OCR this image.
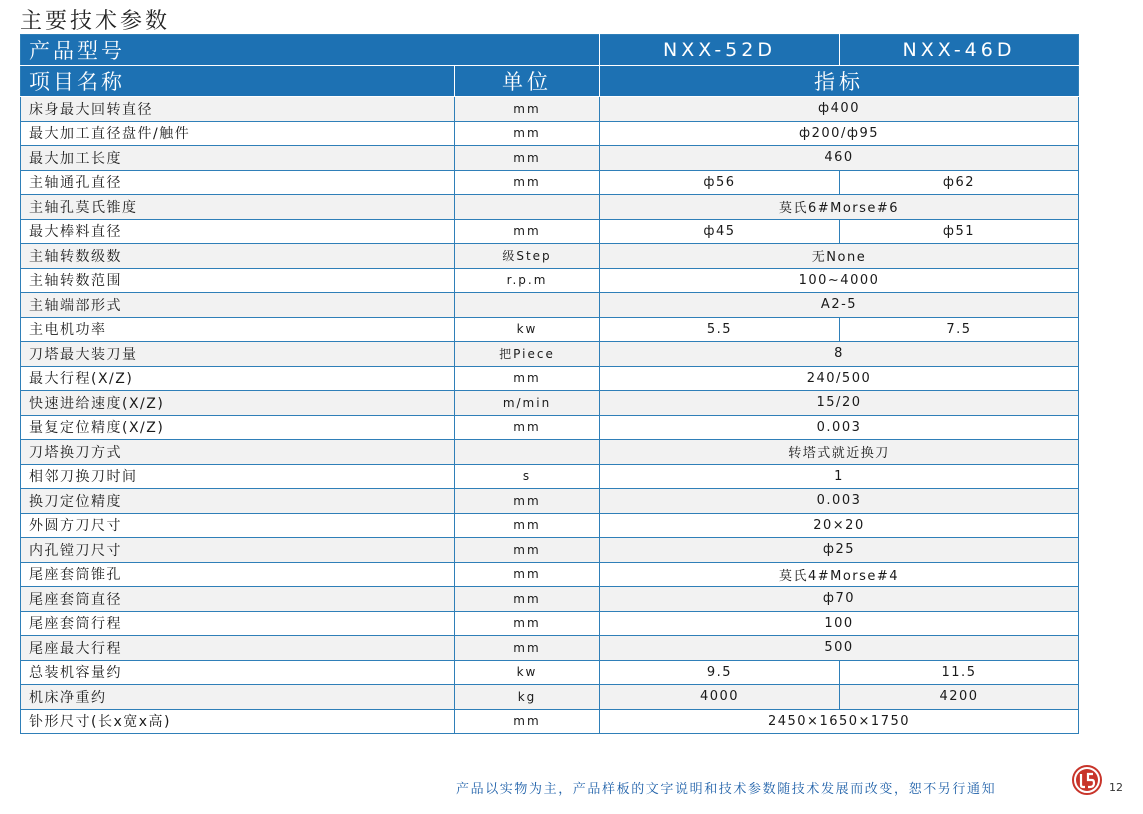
主要技术参数
产品型号		NXX-52D	NXX-46D
项目名称	单位	指标	
床身最大回转直径	mm	ф400	
最大加工直径盘件/触件	mm	ф200/ф95	
最大加工长度	mm	460	
主轴通孔直径	mm	ф56	ф62
主轴孔莫氏锥度		莫氏6#Morse#6	
最大棒料直径	mm	ф45	ф51
主轴转数级数	级Step	无None	
主轴转数范围	r.p.m	100~4000	
主轴端部形式		A2-5	
主电机功率	kw	5.5	7.5
刀塔最大装刀量	把Piece	8	
最大行程(X/Z)	mm	240/500	
快速进给速度(X/Z)	m/min	15/20	
量复定位精度(X/Z)	mm	0.003	
刀塔换刀方式		转塔式就近换刀	
相邻刀换刀时间	s	1	
换刀定位精度	mm	0.003	
外圆方刀尺寸	mm	20×20	
内孔镗刀尺寸	mm	ф25	
尾座套筒锥孔	mm	莫氏4#Morse#4	
尾座套筒直径	mm	ф70	
尾座套筒行程	mm	100	
尾座最大行程	mm	500	
总装机容量约	kw	9.5	11.5
机床净重约	kg	4000	4200
钋形尺寸(长x宽x高)	mm	2450×1650×1750	
产品以实物为主，产品样板的文字说明和技术参数随技术发展而改变，恕不另行通知	12
